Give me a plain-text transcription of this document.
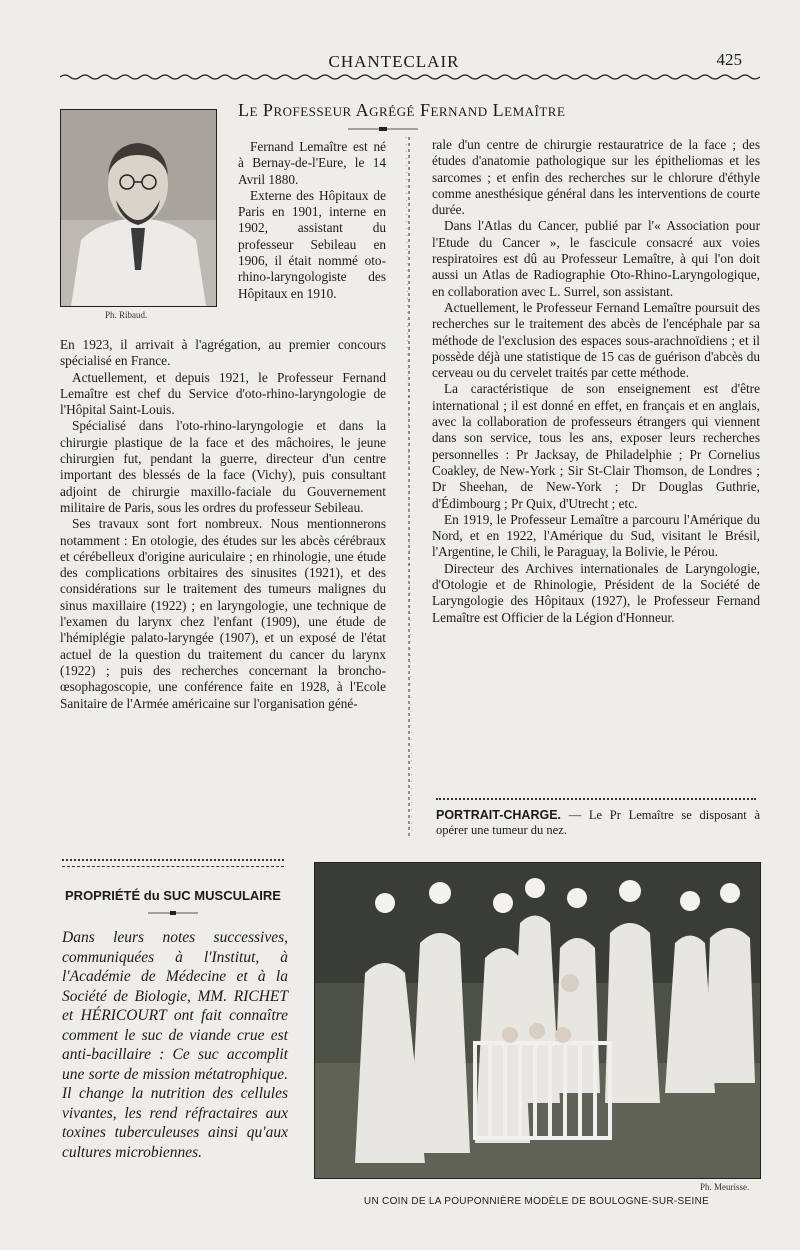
CHANTECLAIR	425
Ph. Ribaud.
Le Professeur Agrégé Fernand Lemaître

Fernand Lemaître est né à Bernay-de-l'Eure, le 14 Avril 1880.

Externe des Hôpitaux de Paris en 1901, interne en 1902, assistant du professeur Sebileau en 1906, il était nommé oto-rhino-laryngologiste des Hôpitaux en 1910.

En 1923, il arrivait à l'agrégation, au premier concours spécialisé en France.

Actuellement, et depuis 1921, le Professeur Fernand Lemaître est chef du Service d'oto-rhino-laryngologie de l'Hôpital Saint-Louis.

Spécialisé dans l'oto-rhino-laryngologie et dans la chirurgie plastique de la face et des mâchoires, le jeune chirurgien fut, pendant la guerre, directeur d'un centre important des blessés de la face (Vichy), puis consultant adjoint de chirurgie maxillo-faciale du Gouvernement militaire de Paris, sous les ordres du professeur Sebileau.

Ses travaux sont fort nombreux. Nous mentionnerons notamment : En otologie, des études sur les abcès cérébraux et cérébelleux d'origine auriculaire ; en rhinologie, une étude des complications orbitaires des sinusites (1921), et des considérations sur le traitement des tumeurs malignes du sinus maxillaire (1922) ; en laryngologie, une technique de l'examen du larynx chez l'enfant (1909), une étude de l'hémiplégie palato-laryngée (1907), et un exposé de l'état actuel de la question du traitement du cancer du larynx (1922) ; puis des recherches concernant la broncho-œsophagoscopie, une conférence faite en 1928, à l'Ecole Sanitaire de l'Armée américaine sur l'organisation géné-

rale d'un centre de chirurgie restauratrice de la face ; des études d'anatomie pathologique sur les épitheliomas et les sarcomes ; et enfin des recherches sur le chlorure d'éthyle comme anesthésique général dans les interventions de courte durée.

Dans l'Atlas du Cancer, publié par l'« Association pour l'Etude du Cancer », le fascicule consacré aux voies respiratoires est dû au Professeur Lemaître, à qui l'on doit aussi un Atlas de Radiographie Oto-Rhino-Laryngologique, en collaboration avec L. Surrel, son assistant.

Actuellement, le Professeur Fernand Lemaître poursuit des recherches sur le traitement des abcès de l'encéphale par sa méthode de l'exclusion des espaces sous-arachnoïdiens ; et il possède déjà une statistique de 15 cas de guérison d'abcès du cerveau ou du cervelet traités par cette méthode.

La caractéristique de son enseignement est d'être international ; il est donné en effet, en français et en anglais, avec la collaboration de professeurs étrangers qui viennent dans son service, tous les ans, exposer leurs recherches personnelles : Pr Jacksay, de Philadelphie ; Pr Cornelius Coakley, de New-York ; Sir St-Clair Thomson, de Londres ; Dr Sheehan, de New-York ; Dr Douglas Guthrie, d'Édimbourg ; Pr Quix, d'Utrecht ; etc.

En 1919, le Professeur Lemaître a parcouru l'Amérique du Nord, et en 1922, l'Amérique du Sud, visitant le Brésil, l'Argentine, le Chili, le Paraguay, la Bolivie, le Pérou.

Directeur des Archives internationales de Laryngologie, d'Otologie et de Rhinologie, Président de la Société de Laryngologie des Hôpitaux (1927), le Professeur Fernand Lemaître est Officier de la Légion d'Honneur.

PORTRAIT-CHARGE. — Le Pr Lemaître se disposant à opérer une tumeur du nez.
PROPRIÉTÉ du SUC MUSCULAIRE
Dans leurs notes successives, communiquées à l'Institut, à l'Académie de Médecine et à la Société de Biologie, MM. RICHET et HÉRICOURT ont fait connaître comment le suc de viande crue est anti-bacillaire : Ce suc accomplit une sorte de mission métatrophique. Il change la nutrition des cellules vivantes, les rend réfractaires aux toxines tuberculeuses ainsi qu'aux cultures microbiennes.
Ph. Meurisse.
UN COIN DE LA POUPONNIÈRE MODÈLE DE BOULOGNE-SUR-SEINE
